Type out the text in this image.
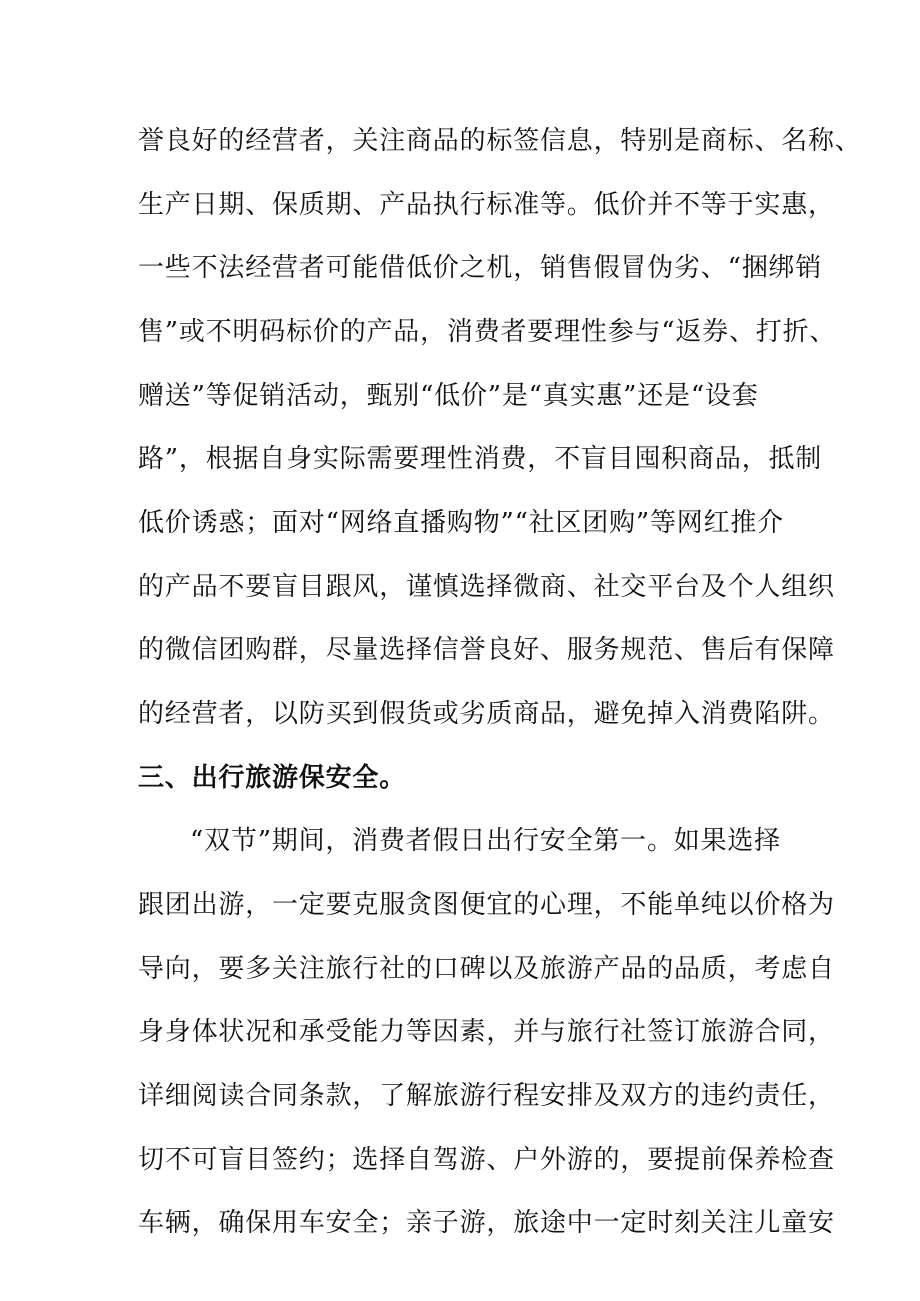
誉良好的经营者，关注商品的标签信息，特别是商标、名称、
生产日期、保质期、产品执行标准等。低价并不等于实惠，
一些不法经营者可能借低价之机，销售假冒伪劣、“捆绑销
售”或不明码标价的产品，消费者要理性参与“返券、打折、
赠送”等促销活动，甄别“低价”是“真实惠”还是“设套
路”，根据自身实际需要理性消费，不盲目囤积商品，抵制
低价诱惑；面对“网络直播购物”“社区团购”等网红推介
的产品不要盲目跟风，谨慎选择微商、社交平台及个人组织
的微信团购群，尽量选择信誉良好、服务规范、售后有保障
的经营者，以防买到假货或劣质商品，避免掉入消费陷阱。
三、出行旅游保安全。
“双节”期间，消费者假日出行安全第一。如果选择
跟团出游，一定要克服贪图便宜的心理，不能单纯以价格为
导向，要多关注旅行社的口碑以及旅游产品的品质，考虑自
身身体状况和承受能力等因素，并与旅行社签订旅游合同，
详细阅读合同条款，了解旅游行程安排及双方的违约责任，
切不可盲目签约；选择自驾游、户外游的，要提前保养检查
车辆，确保用车安全；亲子游，旅途中一定时刻关注儿童安
